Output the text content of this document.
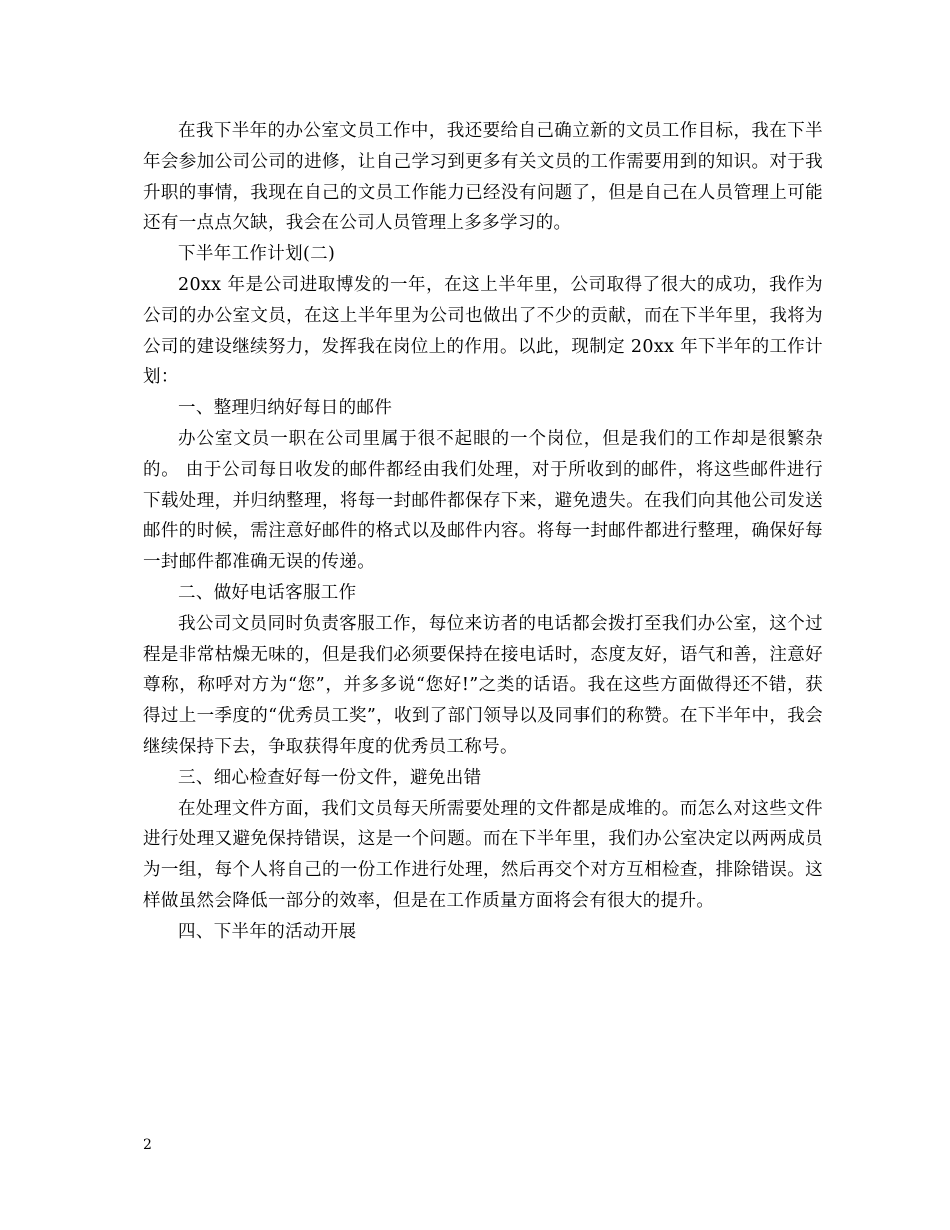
在我下半年的办公室文员工作中，我还要给自己确立新的文员工作目标，我在下半年会参加公司公司的进修，让自己学习到更多有关文员的工作需要用到的知识。对于我升职的事情，我现在自己的文员工作能力已经没有问题了，但是自己在人员管理上可能还有一点点欠缺，我会在公司人员管理上多多学习的。

下半年工作计划(二)

20xx 年是公司进取博发的一年，在这上半年里，公司取得了很大的成功，我作为公司的办公室文员，在这上半年里为公司也做出了不少的贡献，而在下半年里，我将为公司的建设继续努力，发挥我在岗位上的作用。以此，现制定 20xx 年下半年的工作计划：

一、整理归纳好每日的邮件

办公室文员一职在公司里属于很不起眼的一个岗位，但是我们的工作却是很繁杂的。 由于公司每日收发的邮件都经由我们处理，对于所收到的邮件，将这些邮件进行下载处理，并归纳整理，将每一封邮件都保存下来，避免遗失。在我们向其他公司发送邮件的时候，需注意好邮件的格式以及邮件内容。将每一封邮件都进行整理，确保好每一封邮件都准确无误的传递。

二、做好电话客服工作

我公司文员同时负责客服工作，每位来访者的电话都会拨打至我们办公室，这个过程是非常枯燥无味的，但是我们必须要保持在接电话时，态度友好，语气和善，注意好尊称，称呼对方为“您”，并多多说“您好!”之类的话语。我在这些方面做得还不错，获得过上一季度的“优秀员工奖”，收到了部门领导以及同事们的称赞。在下半年中，我会继续保持下去，争取获得年度的优秀员工称号。

三、细心检查好每一份文件，避免出错

在处理文件方面，我们文员每天所需要处理的文件都是成堆的。而怎么对这些文件进行处理又避免保持错误，这是一个问题。而在下半年里，我们办公室决定以两两成员为一组，每个人将自己的一份工作进行处理，然后再交个对方互相检查，排除错误。这样做虽然会降低一部分的效率，但是在工作质量方面将会有很大的提升。

四、下半年的活动开展

2
